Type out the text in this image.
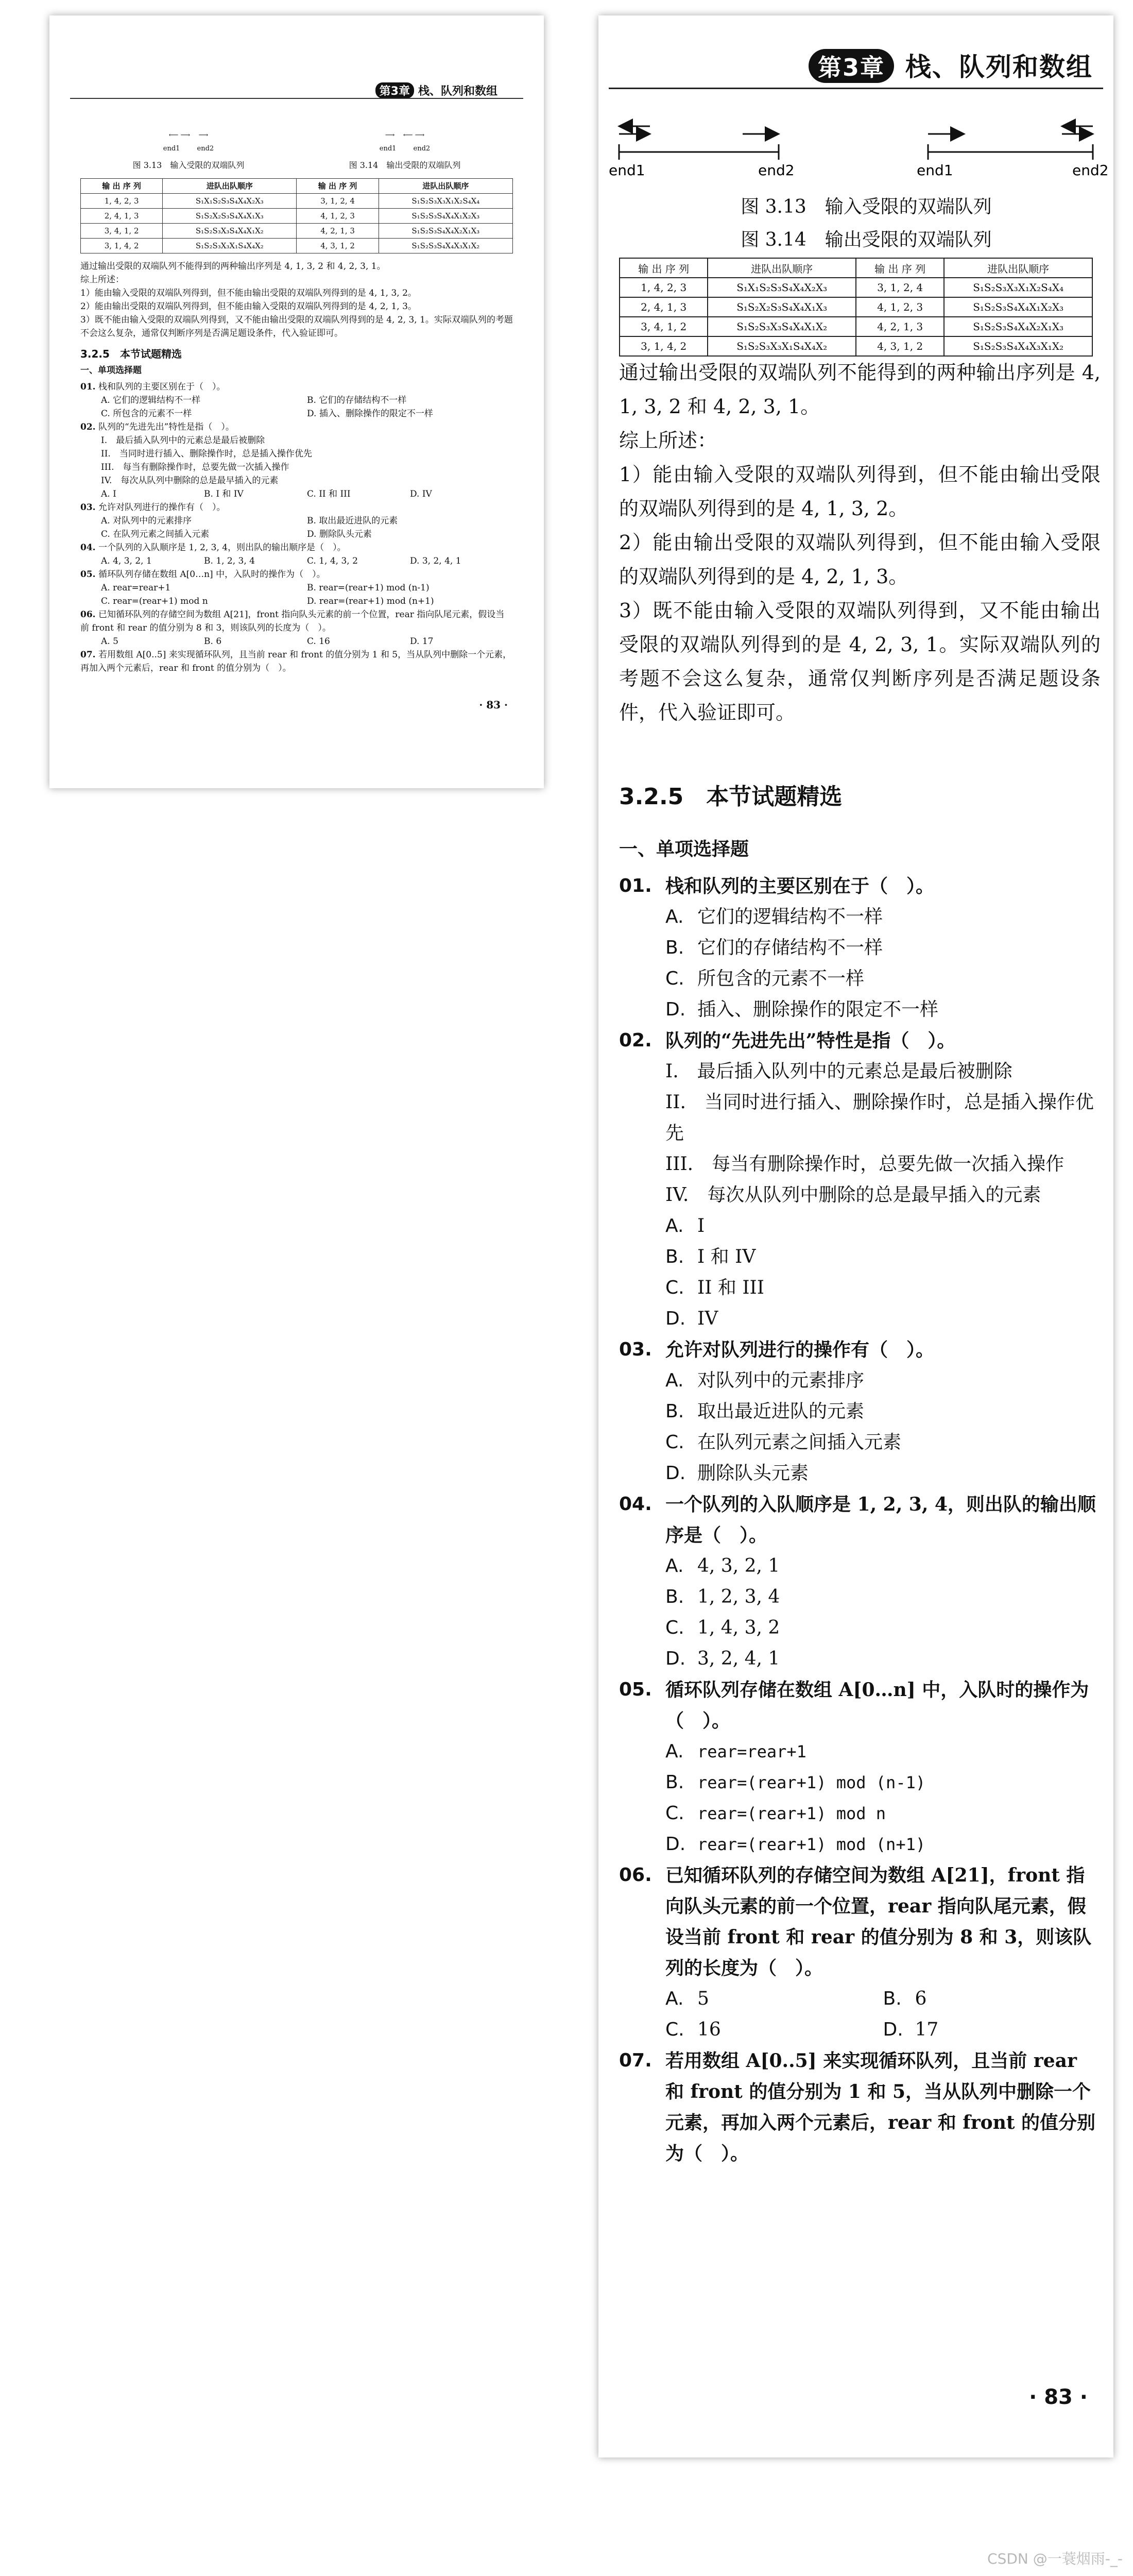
第3章 栈、队列和数组
⟵ ⟶    ⟶
end1	end2
⟶    ⟵ ⟶
end1	end2
图 3.13　输入受限的双端队列	图 3.14　输出受限的双端队列
输 出 序 列	进队出队顺序	输 出 序 列	进队出队顺序
1, 4, 2, 3	S₁X₁S₂S₃S₄X₄X₂X₃	3, 1, 2, 4	S₁S₂S₃X₃X₁X₂S₄X₄
2, 4, 1, 3	S₁S₂X₂S₃S₄X₄X₁X₃	4, 1, 2, 3	S₁S₂S₃S₄X₄X₁X₂X₃
3, 4, 1, 2	S₁S₂S₃X₃S₄X₄X₁X₂	4, 2, 1, 3	S₁S₂S₃S₄X₄X₂X₁X₃
3, 1, 4, 2	S₁S₂S₃X₃X₁S₄X₄X₂	4, 3, 1, 2	S₁S₂S₃S₄X₄X₃X₁X₂

通过输出受限的双端队列不能得到的两种输出序列是 4, 1, 3, 2 和 4, 2, 3, 1。

综上所述：

1）能由输入受限的双端队列得到，但不能由输出受限的双端队列得到的是 4, 1, 3, 2。

2）能由输出受限的双端队列得到，但不能由输入受限的双端队列得到的是 4, 2, 1, 3。

3）既不能由输入受限的双端队列得到，又不能由输出受限的双端队列得到的是 4, 2, 3, 1。实际双端队列的考题不会这么复杂，通常仅判断序列是否满足题设条件，代入验证即可。

3.2.5　本节试题精选
一、单项选择题
01. 栈和队列的主要区别在于（　）。
A. 它们的逻辑结构不一样	B. 它们的存储结构不一样
C. 所包含的元素不一样	D. 插入、删除操作的限定不一样
02. 队列的“先进先出”特性是指（　）。
I.　最后插入队列中的元素总是最后被删除
II.　当同时进行插入、删除操作时，总是插入操作优先
III.　每当有删除操作时，总要先做一次插入操作
IV.　每次从队列中删除的总是最早插入的元素
A. I	B. I 和 IV	C. II 和 III	D. IV
03. 允许对队列进行的操作有（　）。
A. 对队列中的元素排序	B. 取出最近进队的元素
C. 在队列元素之间插入元素	D. 删除队头元素
04. 一个队列的入队顺序是 1, 2, 3, 4，则出队的输出顺序是（　）。
A. 4, 3, 2, 1	B. 1, 2, 3, 4	C. 1, 4, 3, 2	D. 3, 2, 4, 1
05. 循环队列存储在数组 A[0…n] 中，入队时的操作为（　）。
A. rear=rear+1	B. rear=(rear+1) mod (n-1)
C. rear=(rear+1) mod n	D. rear=(rear+1) mod (n+1)
06. 已知循环队列的存储空间为数组 A[21]，front 指向队头元素的前一个位置，rear 指向队尾元素，假设当前 front 和 rear 的值分别为 8 和 3，则该队列的长度为（　）。
A. 5	B. 6	C. 16	D. 17
07. 若用数组 A[0..5] 来实现循环队列，且当前 rear 和 front 的值分别为 1 和 5，当从队列中删除一个元素，再加入两个元素后，rear 和 front 的值分别为（　）。
· 83 ·
第3章 栈、队列和数组
end1	end2	end1	end2
图 3.13　输入受限的双端队列
图 3.14　输出受限的双端队列
输 出 序 列	进队出队顺序	输 出 序 列	进队出队顺序
1, 4, 2, 3	S₁X₁S₂S₃S₄X₄X₂X₃	3, 1, 2, 4	S₁S₂S₃X₃X₁X₂S₄X₄
2, 4, 1, 3	S₁S₂X₂S₃S₄X₄X₁X₃	4, 1, 2, 3	S₁S₂S₃S₄X₄X₁X₂X₃
3, 4, 1, 2	S₁S₂S₃X₃S₄X₄X₁X₂	4, 2, 1, 3	S₁S₂S₃S₄X₄X₂X₁X₃
3, 1, 4, 2	S₁S₂S₃X₃X₁S₄X₄X₂	4, 3, 1, 2	S₁S₂S₃S₄X₄X₃X₁X₂

通过输出受限的双端队列不能得到的两种输出序列是 4, 1, 3, 2 和 4, 2, 3, 1。

综上所述：

1）能由输入受限的双端队列得到，但不能由输出受限的双端队列得到的是 4, 1, 3, 2。

2）能由输出受限的双端队列得到，但不能由输入受限的双端队列得到的是 4, 2, 1, 3。

3）既不能由输入受限的双端队列得到，又不能由输出受限的双端队列得到的是 4, 2, 3, 1。实际双端队列的考题不会这么复杂，通常仅判断序列是否满足题设条件，代入验证即可。

3.2.5　本节试题精选
一、单项选择题
01. 栈和队列的主要区别在于（　）。
A. 它们的逻辑结构不一样
B. 它们的存储结构不一样
C. 所包含的元素不一样
D. 插入、删除操作的限定不一样
02. 队列的“先进先出”特性是指（　）。
I.　最后插入队列中的元素总是最后被删除
II.　当同时进行插入、删除操作时，总是插入操作优先
III.　每当有删除操作时，总要先做一次插入操作
IV.　每次从队列中删除的总是最早插入的元素
A. I
B. I 和 IV
C. II 和 III
D. IV
03. 允许对队列进行的操作有（　）。
A. 对队列中的元素排序
B. 取出最近进队的元素
C. 在队列元素之间插入元素
D. 删除队头元素
04. 一个队列的入队顺序是 1, 2, 3, 4，则出队的输出顺序是（　）。
A. 4, 3, 2, 1
B. 1, 2, 3, 4
C. 1, 4, 3, 2
D. 3, 2, 4, 1
05. 循环队列存储在数组 A[0…n] 中，入队时的操作为（　）。
A. rear=rear+1
B. rear=(rear+1) mod (n-1)
C. rear=(rear+1) mod n
D. rear=(rear+1) mod (n+1)
06. 已知循环队列的存储空间为数组 A[21]，front 指向队头元素的前一个位置，rear 指向队尾元素，假设当前 front 和 rear 的值分别为 8 和 3，则该队列的长度为（　）。
A. 5	B. 6
C. 16	D. 17
07. 若用数组 A[0..5] 来实现循环队列，且当前 rear 和 front 的值分别为 1 和 5，当从队列中删除一个元素，再加入两个元素后，rear 和 front 的值分别为（　）。
· 83 ·
CSDN @一蓑烟雨-_-
